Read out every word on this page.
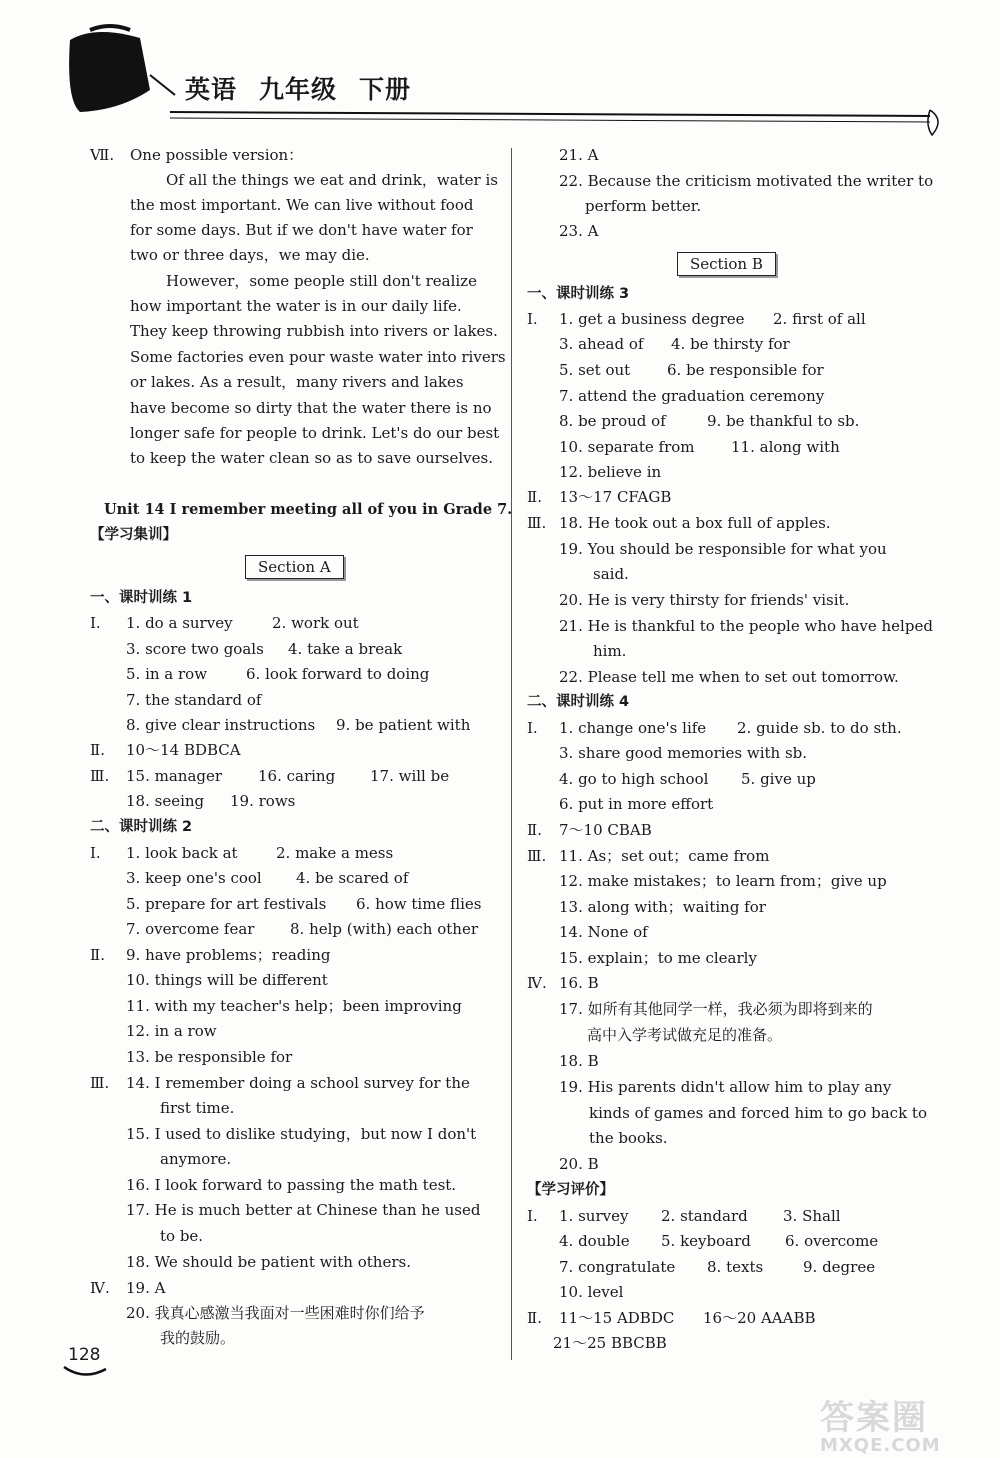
英语 九年级 下册
Ⅶ. One possible version：
Of all the things we eat and drink，water is
the most important. We can live without food
for some days. But if we don't have water for
two or three days，we may die.
However，some people still don't realize
how important the water is in our daily life.
They keep throwing rubbish into rivers or lakes.
Some factories even pour waste water into rivers
or lakes. As a result，many rivers and lakes
have become so dirty that the water there is no
longer safe for people to drink. Let's do our best
to keep the water clean so as to save ourselves.
Unit 14 I remember meeting all of you in Grade 7.
【学习集训】
Section A
一、课时训练 1
Ⅰ. 1. do a survey	2. work out
3. score two goals 4. take a break
5. in a row	6. look forward to doing
7. the standard of
8. give clear instructions 9. be patient with
Ⅱ. 10～14 BDBCA
Ⅲ. 15. manager 16. caring 17. will be
18. seeing 19. rows
二、课时训练 2
Ⅰ. 1. look back at	2. make a mess
3. keep one's cool 4. be scared of
5. prepare for art festivals 6. how time flies
7. overcome fear 8. help (with) each other
Ⅱ. 9. have problems；reading
10. things will be different
11. with my teacher's help；been improving
12. in a row
13. be responsible for
Ⅲ. 14. I remember doing a school survey for the
first time.
15. I used to dislike studying，but now I don't
anymore.
16. I look forward to passing the math test.
17. He is much better at Chinese than he used
to be.
18. We should be patient with others.
Ⅳ. 19. A
20. 我真心感激当我面对一些困难时你们给予
我的鼓励。
21. A
22. Because the criticism motivated the writer to
perform better.
23. A
Section B
一、课时训练 3
Ⅰ. 1. get a business degree 2. first of all
3. ahead of 4. be thirsty for
5. set out 6. be responsible for
7. attend the graduation ceremony
8. be proud of	9. be thankful to sb.
10. separate from 11. along with
12. believe in
Ⅱ. 13～17 CFAGB
Ⅲ. 18. He took out a box full of apples.
19. You should be responsible for what you
said.
20. He is very thirsty for friends' visit.
21. He is thankful to the people who have helped
him.
22. Please tell me when to set out tomorrow.
二、课时训练 4
Ⅰ. 1. change one's life 2. guide sb. to do sth.
3. share good memories with sb.
4. go to high school 5. give up
6. put in more effort
Ⅱ. 7～10 CBAB
Ⅲ. 11. As；set out；came from
12. make mistakes；to learn from；give up
13. along with；waiting for
14. None of
15. explain；to me clearly
Ⅳ. 16. B
17. 如所有其他同学一样，我必须为即将到来的
高中入学考试做充足的准备。
18. B
19. His parents didn't allow him to play any
kinds of games and forced him to go back to
the books.
20. B
【学习评价】
Ⅰ. 1. survey 2. standard 3. Shall
4. double 5. keyboard 6. overcome
7. congratulate 8. texts	9. degree
10. level
Ⅱ. 11～15 ADBDC 16～20 AAABB
21～25 BBCBB
128
答案圈
MXQE.COM
